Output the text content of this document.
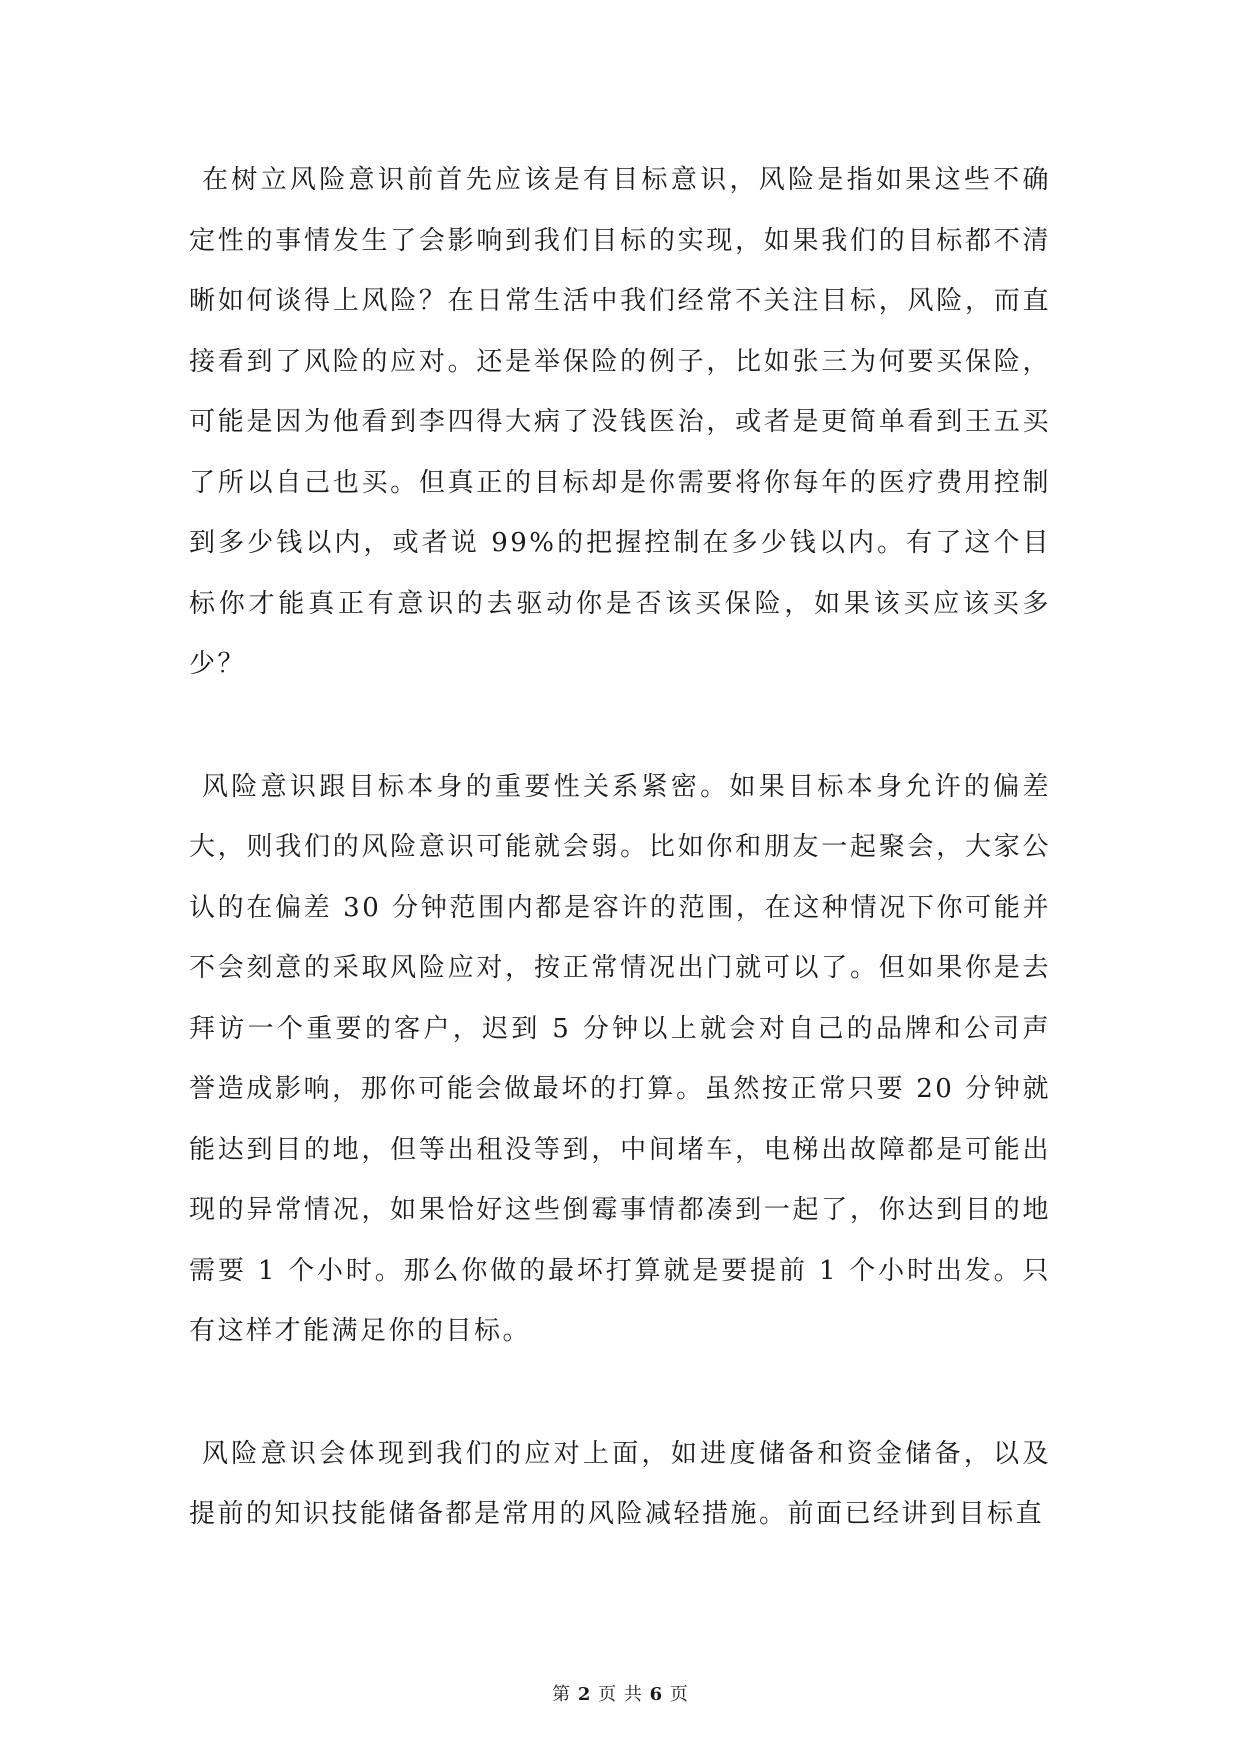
在树立风险意识前首先应该是有目标意识，风险是指如果这些不确定性的事情发生了会影响到我们目标的实现，如果我们的目标都不清晰如何谈得上风险？在日常生活中我们经常不关注目标，风险，而直接看到了风险的应对。还是举保险的例子，比如张三为何要买保险，可能是因为他看到李四得大病了没钱医治，或者是更简单看到王五买了所以自己也买。但真正的目标却是你需要将你每年的医疗费用控制到多少钱以内，或者说 99%的把握控制在多少钱以内。有了这个目标你才能真正有意识的去驱动你是否该买保险，如果该买应该买多少？

风险意识跟目标本身的重要性关系紧密。如果目标本身允许的偏差大，则我们的风险意识可能就会弱。比如你和朋友一起聚会，大家公认的在偏差 30 分钟范围内都是容许的范围，在这种情况下你可能并不会刻意的采取风险应对，按正常情况出门就可以了。但如果你是去拜访一个重要的客户，迟到 5 分钟以上就会对自己的品牌和公司声誉造成影响，那你可能会做最坏的打算。虽然按正常只要 20 分钟就能达到目的地，但等出租没等到，中间堵车，电梯出故障都是可能出现的异常情况，如果恰好这些倒霉事情都凑到一起了，你达到目的地需要 1 个小时。那么你做的最坏打算就是要提前 1 个小时出发。只有这样才能满足你的目标。

风险意识会体现到我们的应对上面，如进度储备和资金储备，以及提前的知识技能储备都是常用的风险减轻措施。前面已经讲到目标直

第 2 页 共 6 页
